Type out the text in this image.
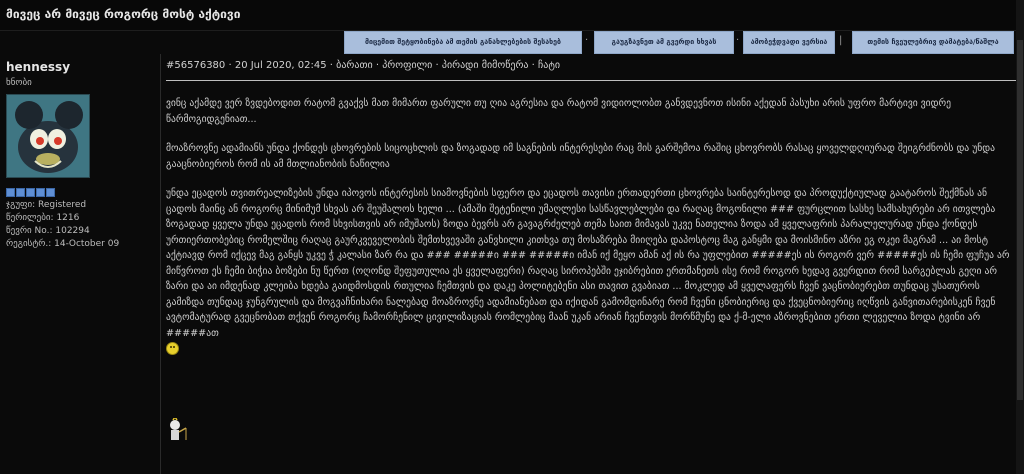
მივეც არ მივეც როგორც მოსტ აქტივი
მიცემით შეტყობინება ამ თემის განახლებების შესახებ	·	გაუგზავნეთ ამ გვერდი ხხვას	·	ამობეჭდვადი ვერსია	|	თემის ჩვეულებრივ დამატება/წაშლა
hennessy
ხნობი
ჯგუფი: Registered
წერილები: 1216
წევრი No.: 102294
რეგისტრ.: 14-October 09
#56576380 · 20 Jul 2020, 02:45 · ბარათი · პროფილი · პირადი მიმოწერა · ჩატი

ვინც აქამდე ვერ ზვდებოდით რატომ გვაქვს მათ მიმართ ფარული თუ ღია აგრესია და რატომ ვიდიოლობთ განვდევნოთ ისინი აქედან პასუხი არის უფრო მარტივი ვიდრე წარმოგიდგენიათ...

მოაზროვნე ადამიანს უნდა ქონდეს ცხოვრების სიცოცხლის და ზოგადად იმ საგნების ინტერესები რაც მის გარშემოა რაშიც ცხოვრობს რასაც ყოველდღიურად შეიგრძნობს და უნდა გააცნობიეროს რომ ის ამ მთლიანობის ნაწილია

უნდა ეცადოს თვითრეალიზების უნდა იპოვოს ინტერესის სიამოვნების სფერო და ეცადოს თავისი ერთადერთი ცხოვრება საინტერესოდ და პროდუქტიულად გაატაროს შექმნას ან ცადოს მაინც ან როგორც მინიმუმ სხვას არ შეუშალოს ხელი ... (ამაში შეტენილი უმაღლესი სასწავლებლები და რაღაც მოგონილი ### ფურცლით სასხე სამსახურები არ ითვლება ზოგადად ყველა უნდა ეცადოს რომ სხვისთვის არ იმუშაოს) ზოდა ბევრს არ გავაგრძელებ თემა საით მიმავას უკვე ნათელია ზოდა ამ ყველაფრის პარალელურად უნდა ქონდეს ურთიერთობებიც რომელშიც რაღაც გაურკვეველობის შემთხვევაში განვხილი კითხვა თუ მოსაზრება მიიღება დაპოსტოც მაგ განყმი და მოისმინო აზრი ეგ ოკეი მაგრამ ... აი მოსტ აქტიავდ რომ იქცევ მაგ განყს უკვე ჭ კალასი ზარ რა და ### #####ი ### #####ი იმან იქ მეყო ამან აქ ის რა უფლებით #####ეს ის როგორ ვერ #####ეს ის ჩემი ფუჩუა არ მიწვროთ ეს ჩემი ბიჭია ბოზები ნუ წერთ (ოღონდ შეფუთულია ეს ყველაფერი) რაღაც სიროპებში ეჯიბრებით ერთმანეთს ისე რომ როგორ ხედავ გვერდით რომ სარგებლას გეღი არ ზარი და აი იმდენად კლეიბა ხდება გაიდმოსდის რთულია ჩემთვის და დაკე პოლიტებენი ასი თავით გვაბიათ ... მოკლედ ამ ყველაფერს ჩვენ ვაცნობიერებთ თუნდაც უსათუროს გამიზდა თუნდაც ჯუნგრულის და მოგვაჩნიხარი ნალებად მოაზროვნე ადამიანებათ და იქიდან გამომდინარე რომ ჩვენი ცნობიერიც და ქვეცნობიერიც იღწვის განვითარებისკენ ჩვენ ავტომატურად გვეცნობათ თქვენ როგორც ჩამორჩენილ ცივილიზაციას რომლებიც მაან უკან არიან ჩვენთვის მორწმუნე და ქ-მ-ელი აზროვნებით ერთი ლეველია ზოდა ტვინი არ #####ათ
